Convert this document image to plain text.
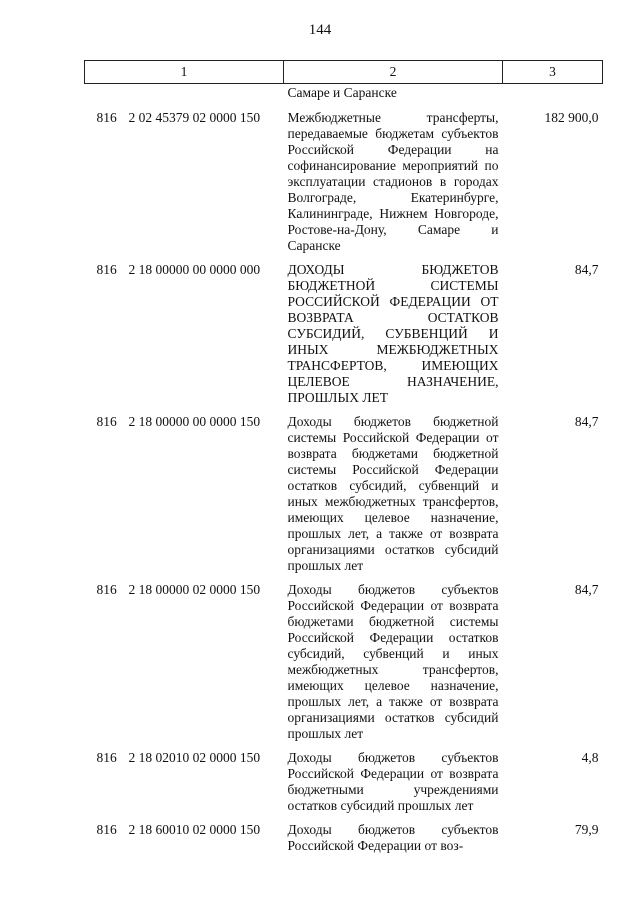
144
1	2	3
	Самаре и Саранске	
816 2 02 45379 02 0000 150	Межбюджетные трансферты, передаваемые бюджетам субъектов Российской Федерации на софинансирование мероприятий по эксплуатации стадионов в городах Волгограде, Екатеринбурге, Калининграде, Нижнем Новгороде, Ростове-на-Дону, Самаре и Саранске	182 900,0
816 2 18 00000 00 0000 000	ДОХОДЫ БЮДЖЕТОВ БЮДЖЕТНОЙ СИСТЕМЫ РОССИЙСКОЙ ФЕДЕРАЦИИ ОТ ВОЗВРАТА ОСТАТКОВ СУБСИДИЙ, СУБВЕНЦИЙ И ИНЫХ МЕЖБЮДЖЕТНЫХ ТРАНСФЕРТОВ, ИМЕЮЩИХ ЦЕЛЕВОЕ НАЗНАЧЕНИЕ, ПРОШЛЫХ ЛЕТ	84,7
816 2 18 00000 00 0000 150	Доходы бюджетов бюджетной системы Российской Федерации от возврата бюджетами бюджетной системы Российской Федерации остатков субсидий, субвенций и иных межбюджетных трансфертов, имеющих целевое назначение, прошлых лет, а также от возврата организациями остатков субсидий прошлых лет	84,7
816 2 18 00000 02 0000 150	Доходы бюджетов субъектов Российской Федерации от возврата бюджетами бюджетной системы Российской Федерации остатков субсидий, субвенций и иных межбюджетных трансфертов, имеющих целевое назначение, прошлых лет, а также от возврата организациями остатков субсидий прошлых лет	84,7
816 2 18 02010 02 0000 150	Доходы бюджетов субъектов Российской Федерации от возврата бюджетными учреждениями остатков субсидий прошлых лет	4,8
816 2 18 60010 02 0000 150	Доходы бюджетов субъектов Российской Федерации от воз-	79,9
